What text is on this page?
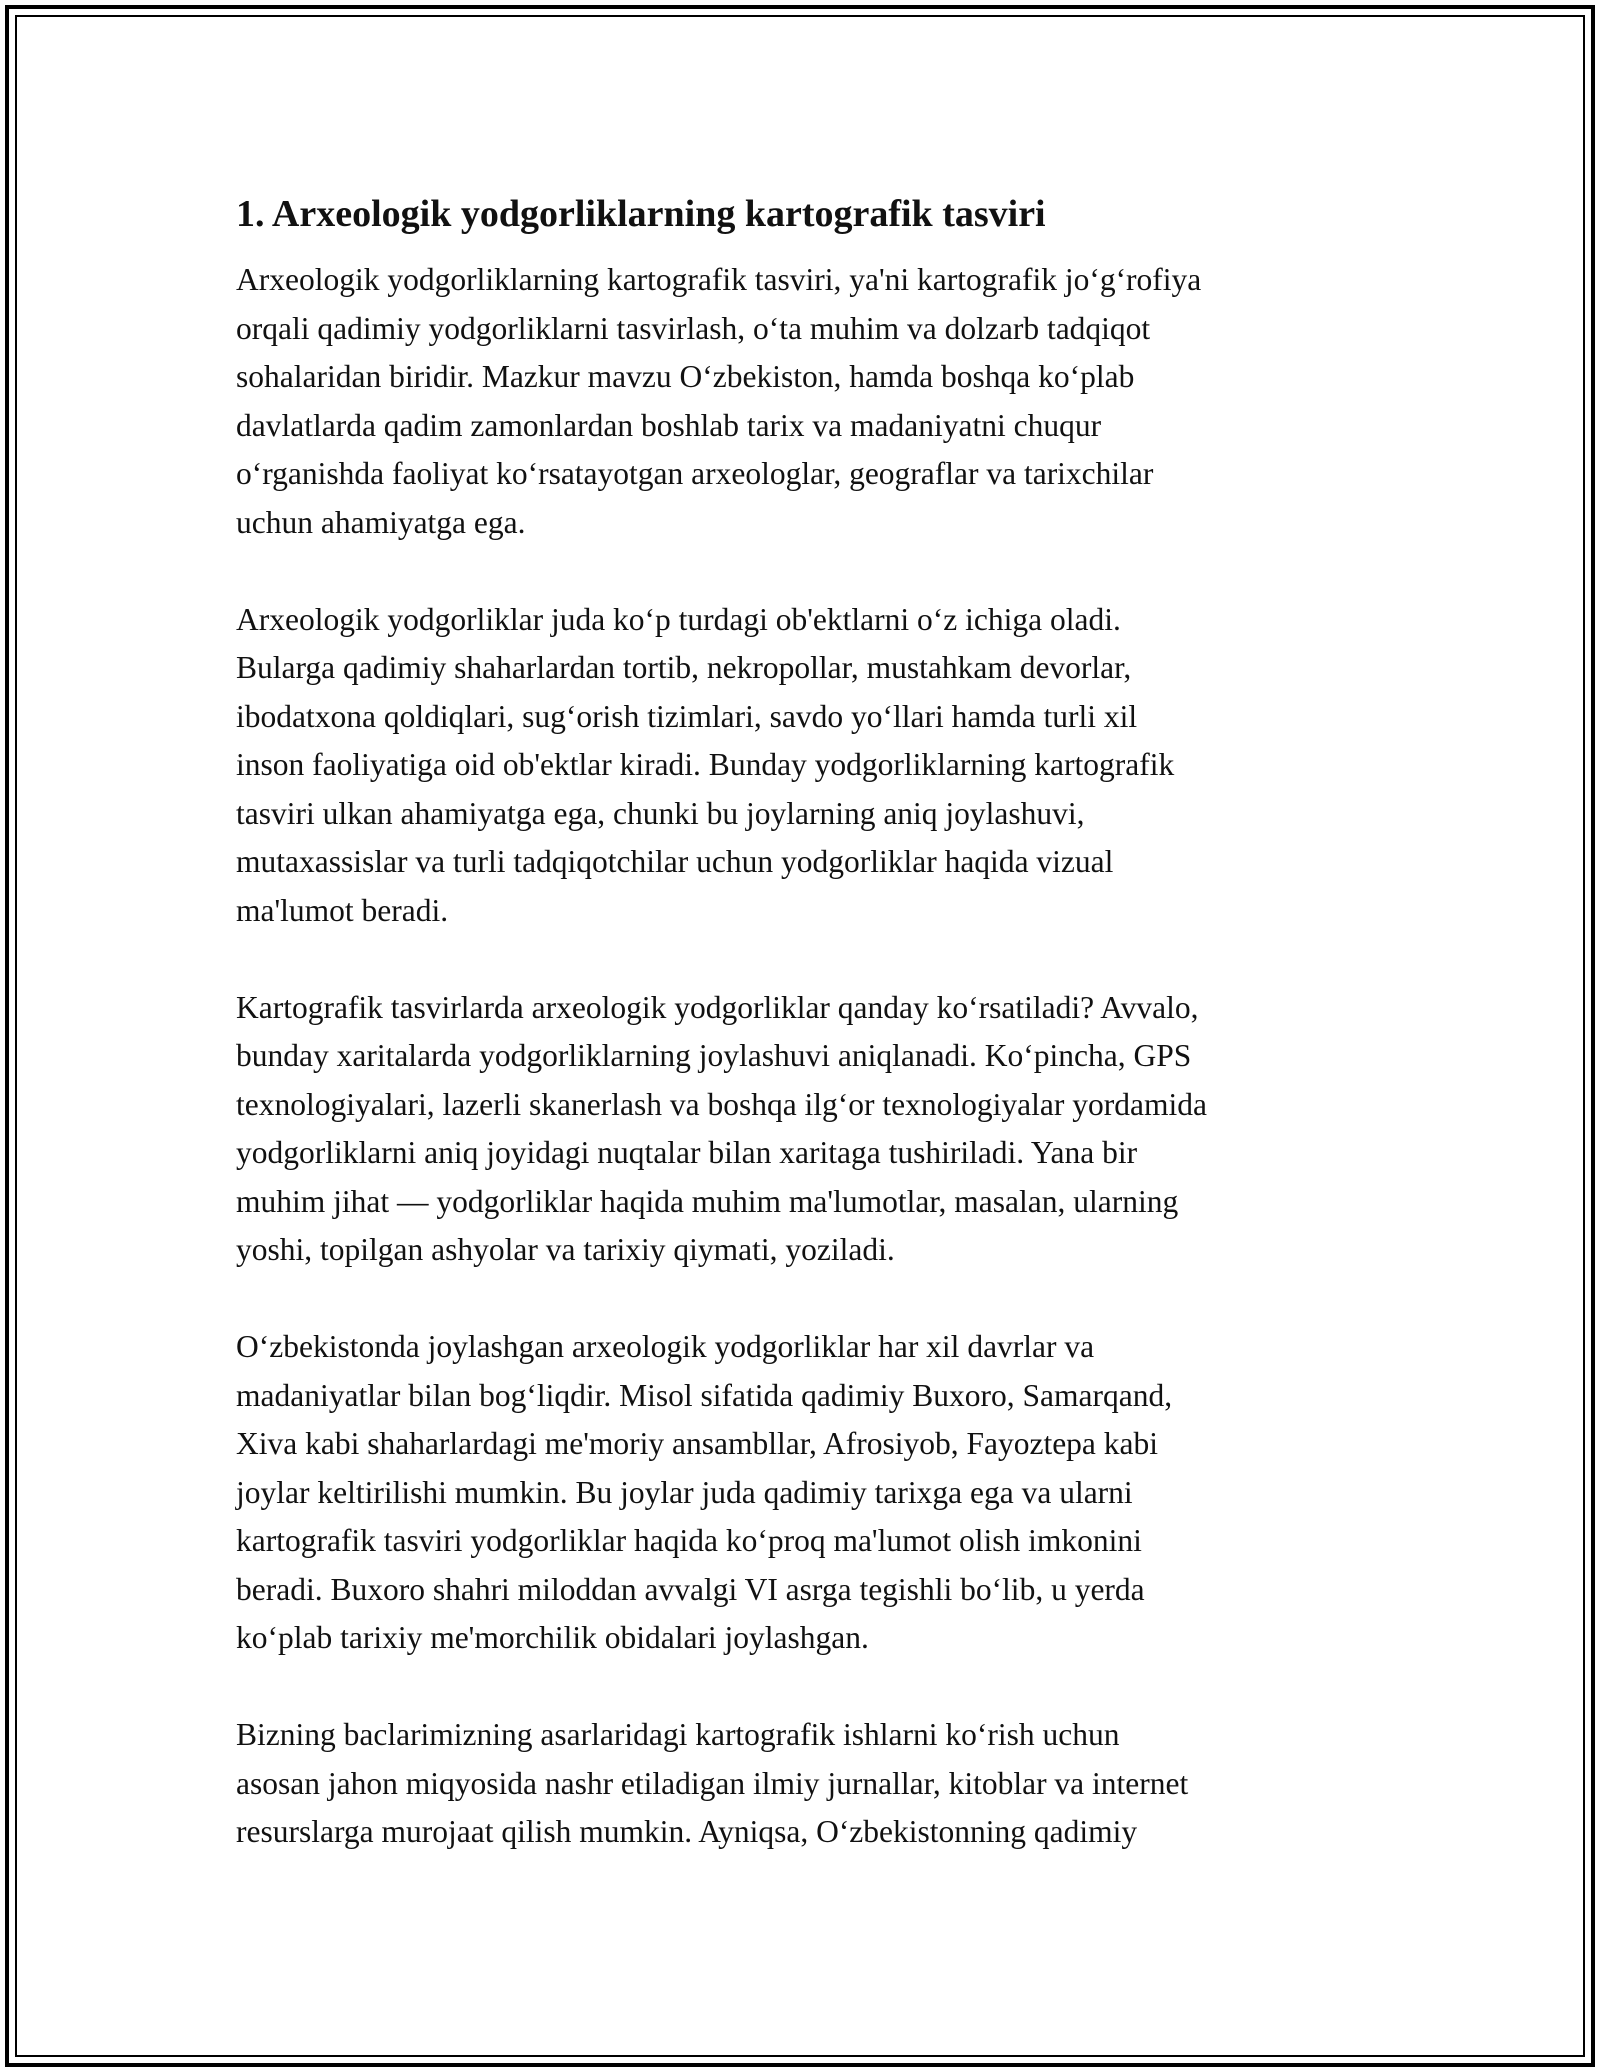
1. Arxeologik yodgorliklarning kartografik tasviri
Arxeologik yodgorliklarning kartografik tasviri, ya'ni kartografik jo‘g‘rofiya
orqali qadimiy yodgorliklarni tasvirlash, o‘ta muhim va dolzarb tadqiqot
sohalaridan biridir. Mazkur mavzu O‘zbekiston, hamda boshqa ko‘plab
davlatlarda qadim zamonlardan boshlab tarix va madaniyatni chuqur
o‘rganishda faoliyat ko‘rsatayotgan arxeologlar, geograflar va tarixchilar
uchun ahamiyatga ega.
Arxeologik yodgorliklar juda ko‘p turdagi ob'ektlarni o‘z ichiga oladi.
Bularga qadimiy shaharlardan tortib, nekropollar, mustahkam devorlar,
ibodatxona qoldiqlari, sug‘orish tizimlari, savdo yo‘llari hamda turli xil
inson faoliyatiga oid ob'ektlar kiradi. Bunday yodgorliklarning kartografik
tasviri ulkan ahamiyatga ega, chunki bu joylarning aniq joylashuvi,
mutaxassislar va turli tadqiqotchilar uchun yodgorliklar haqida vizual
ma'lumot beradi.
Kartografik tasvirlarda arxeologik yodgorliklar qanday ko‘rsatiladi? Avvalo,
bunday xaritalarda yodgorliklarning joylashuvi aniqlanadi. Ko‘pincha, GPS
texnologiyalari, lazerli skanerlash va boshqa ilg‘or texnologiyalar yordamida
yodgorliklarni aniq joyidagi nuqtalar bilan xaritaga tushiriladi. Yana bir
muhim jihat — yodgorliklar haqida muhim ma'lumotlar, masalan, ularning
yoshi, topilgan ashyolar va tarixiy qiymati, yoziladi.
O‘zbekistonda joylashgan arxeologik yodgorliklar har xil davrlar va
madaniyatlar bilan bog‘liqdir. Misol sifatida qadimiy Buxoro, Samarqand,
Xiva kabi shaharlardagi me'moriy ansambllar, Afrosiyob, Fayoztepa kabi
joylar keltirilishi mumkin. Bu joylar juda qadimiy tarixga ega va ularni
kartografik tasviri yodgorliklar haqida ko‘proq ma'lumot olish imkonini
beradi. Buxoro shahri miloddan avvalgi VI asrga tegishli bo‘lib, u yerda
ko‘plab tarixiy me'morchilik obidalari joylashgan.
Bizning baclarimizning asarlaridagi kartografik ishlarni ko‘rish uchun
asosan jahon miqyosida nashr etiladigan ilmiy jurnallar, kitoblar va internet
resurslarga murojaat qilish mumkin. Ayniqsa, O‘zbekistonning qadimiy
